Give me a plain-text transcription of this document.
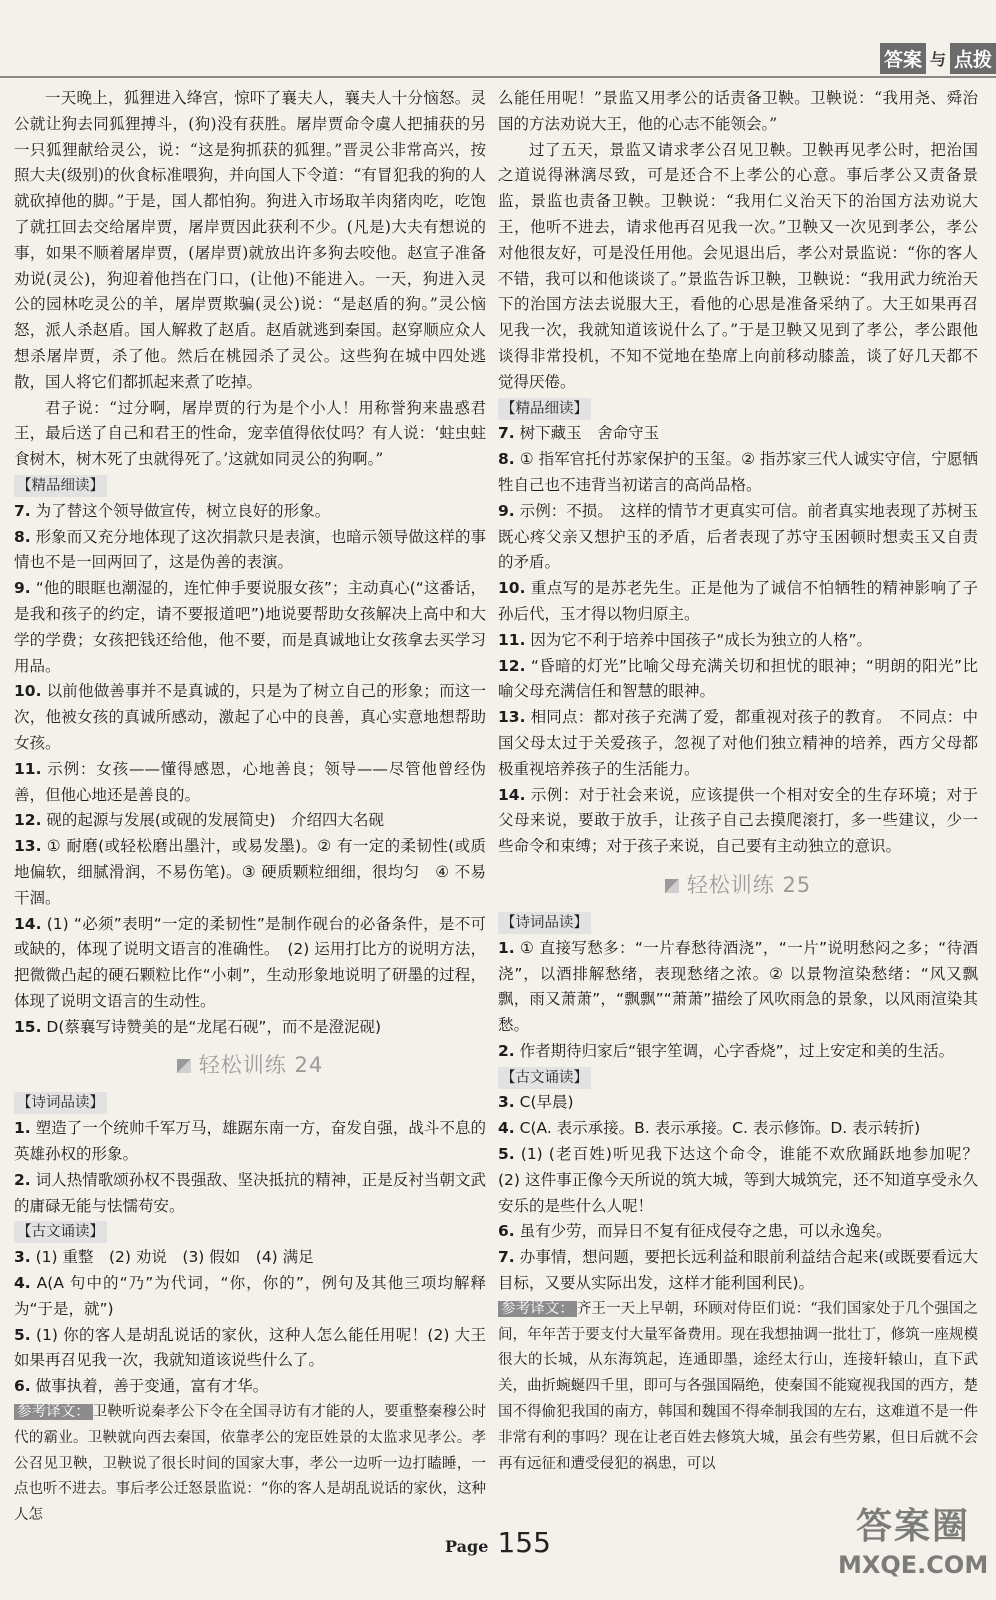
答案 与 点拨

一天晚上，狐狸进入绛宫，惊吓了襄夫人，襄夫人十分恼怒。灵公就让狗去同狐狸搏斗，(狗)没有获胜。屠岸贾命令虞人把捕获的另一只狐狸献给灵公，说：“这是狗抓获的狐狸。”晋灵公非常高兴，按照大夫(级别)的伙食标准喂狗，并向国人下令道：“有冒犯我的狗的人就砍掉他的脚。”于是，国人都怕狗。狗进入市场取羊肉猪肉吃，吃饱了就扛回去交给屠岸贾，屠岸贾因此获利不少。(凡是)大夫有想说的事，如果不顺着屠岸贾，(屠岸贾)就放出许多狗去咬他。赵宣子准备劝说(灵公)，狗迎着他挡在门口，(让他)不能进入。一天，狗进入灵公的园林吃灵公的羊，屠岸贾欺骗(灵公)说：“是赵盾的狗。”灵公恼怒，派人杀赵盾。国人解救了赵盾。赵盾就逃到秦国。赵穿顺应众人想杀屠岸贾，杀了他。然后在桃园杀了灵公。这些狗在城中四处逃散，国人将它们都抓起来煮了吃掉。

君子说：“过分啊，屠岸贾的行为是个小人！用称誉狗来蛊惑君王，最后送了自己和君王的性命，宠幸值得依仗吗？有人说：‘蛀虫蛀食树木，树木死了虫就得死了。’这就如同灵公的狗啊。”

【精品细读】

7. 为了替这个领导做宣传，树立良好的形象。

8. 形象而又充分地体现了这次捐款只是表演，也暗示领导做这样的事情也不是一回两回了，这是伪善的表演。

9. “他的眼眶也潮湿的，连忙伸手要说服女孩”；主动真心(“这番话，是我和孩子的约定，请不要报道吧”)地说要帮助女孩解决上高中和大学的学费；女孩把钱还给他，他不要，而是真诚地让女孩拿去买学习用品。

10. 以前他做善事并不是真诚的，只是为了树立自己的形象；而这一次，他被女孩的真诚所感动，激起了心中的良善，真心实意地想帮助女孩。

11. 示例：女孩——懂得感恩，心地善良；领导——尽管他曾经伪善，但他心地还是善良的。

12. 砚的起源与发展(或砚的发展简史)　介绍四大名砚

13. ① 耐磨(或轻松磨出墨汁，或易发墨)。② 有一定的柔韧性(或质地偏软，细腻滑润，不易伤笔)。③ 硬质颗粒细细，很均匀　④ 不易干涸。

14. (1) “必须”表明“一定的柔韧性”是制作砚台的必备条件，是不可或缺的，体现了说明文语言的准确性。　(2) 运用打比方的说明方法，把微微凸起的硬石颗粒比作“小刺”，生动形象地说明了研墨的过程，体现了说明文语言的生动性。

15. D(蔡襄写诗赞美的是“龙尾石砚”，而不是澄泥砚)

轻松训练 24
【诗词品读】

1. 塑造了一个统帅千军万马，雄踞东南一方，奋发自强，战斗不息的英雄孙权的形象。

2. 词人热情歌颂孙权不畏强敌、坚决抵抗的精神，正是反衬当朝文武的庸碌无能与怯懦苟安。

【古文诵读】

3. (1) 重整　(2) 劝说　(3) 假如　(4) 满足

4. A(A 句中的“乃”为代词，“你，你的”，例句及其他三项均解释为“于是，就”)

5. (1) 你的客人是胡乱说话的家伙，这种人怎么能任用呢！(2) 大王如果再召见我一次，我就知道该说些什么了。

6. 做事执着，善于变通，富有才华。

参考译文： 卫鞅听说秦孝公下令在全国寻访有才能的人，要重整秦穆公时代的霸业。卫鞅就向西去秦国，依靠孝公的宠臣姓景的太监求见孝公。孝公召见卫鞅，卫鞅说了很长时间的国家大事，孝公一边听一边打瞌睡，一点也听不进去。事后孝公迁怒景监说：“你的客人是胡乱说话的家伙，这种人怎

么能任用呢！”景监又用孝公的话责备卫鞅。卫鞅说：“我用尧、舜治国的方法劝说大王，他的心志不能领会。”

过了五天，景监又请求孝公召见卫鞅。卫鞅再见孝公时，把治国之道说得淋漓尽致，可是还合不上孝公的心意。事后孝公又责备景监，景监也责备卫鞅。卫鞅说：“我用仁义治天下的治国方法劝说大王，他听不进去，请求他再召见我一次。”卫鞅又一次见到孝公，孝公对他很友好，可是没任用他。会见退出后，孝公对景监说：“你的客人不错，我可以和他谈谈了。”景监告诉卫鞅，卫鞅说：“我用武力统治天下的治国方法去说服大王，看他的心思是准备采纳了。大王如果再召见我一次，我就知道该说什么了。”于是卫鞅又见到了孝公，孝公跟他谈得非常投机，不知不觉地在垫席上向前移动膝盖，谈了好几天都不觉得厌倦。

【精品细读】

7. 树下藏玉　舍命守玉

8. ① 指军官托付苏家保护的玉玺。② 指苏家三代人诚实守信，宁愿牺牲自己也不违背当初诺言的高尚品格。

9. 示例：不损。　这样的情节才更真实可信。前者真实地表现了苏树玉既心疼父亲又想护玉的矛盾，后者表现了苏守玉困顿时想卖玉又自责的矛盾。

10. 重点写的是苏老先生。正是他为了诚信不怕牺牲的精神影响了子孙后代，玉才得以物归原主。

11. 因为它不利于培养中国孩子“成长为独立的人格”。

12. “昏暗的灯光”比喻父母充满关切和担忧的眼神；“明朗的阳光”比喻父母充满信任和智慧的眼神。

13. 相同点：都对孩子充满了爱，都重视对孩子的教育。　不同点：中国父母太过于关爱孩子，忽视了对他们独立精神的培养，西方父母都极重视培养孩子的生活能力。

14. 示例：对于社会来说，应该提供一个相对安全的生存环境；对于父母来说，要敢于放手，让孩子自己去摸爬滚打，多一些建议，少一些命令和束缚；对于孩子来说，自己要有主动独立的意识。

轻松训练 25
【诗词品读】

1. ① 直接写愁多：“一片春愁待酒浇”，“一片”说明愁闷之多；“待酒浇”，以酒排解愁绪，表现愁绪之浓。② 以景物渲染愁绪：“风又飘飘，雨又萧萧”，“飘飘”“萧萧”描绘了风吹雨急的景象，以风雨渲染其愁。

2. 作者期待归家后“银字笙调，心字香烧”，过上安定和美的生活。

【古文诵读】

3. C(早晨)

4. C(A. 表示承接。B. 表示承接。C. 表示修饰。D. 表示转折)

5. (1) (老百姓)听见我下达这个命令，谁能不欢欣踊跃地参加呢？　(2) 这件事正像今天所说的筑大城，等到大城筑完，还不知道享受永久安乐的是些什么人呢！

6. 虽有少劳，而异日不复有征戍侵夺之患，可以永逸矣。

7. 办事情，想问题，要把长远利益和眼前利益结合起来(或既要看远大目标，又要从实际出发，这样才能利国利民)。

参考译文： 齐王一天上早朝，环顾对侍臣们说：“我们国家处于几个强国之间，年年苦于要支付大量军备费用。现在我想抽调一批壮丁，修筑一座规模很大的长城，从东海筑起，连通即墨，途经太行山，连接轩辕山，直下武关，曲折蜿蜒四千里，即可与各强国隔绝，使秦国不能窥视我国的西方，楚国不得偷犯我国的南方，韩国和魏国不得牵制我国的左右，这难道不是一件非常有利的事吗？现在让老百姓去修筑大城，虽会有些劳累，但日后就不会再有远征和遭受侵犯的祸患，可以

Page 155	答案圈
MXQE.COM
